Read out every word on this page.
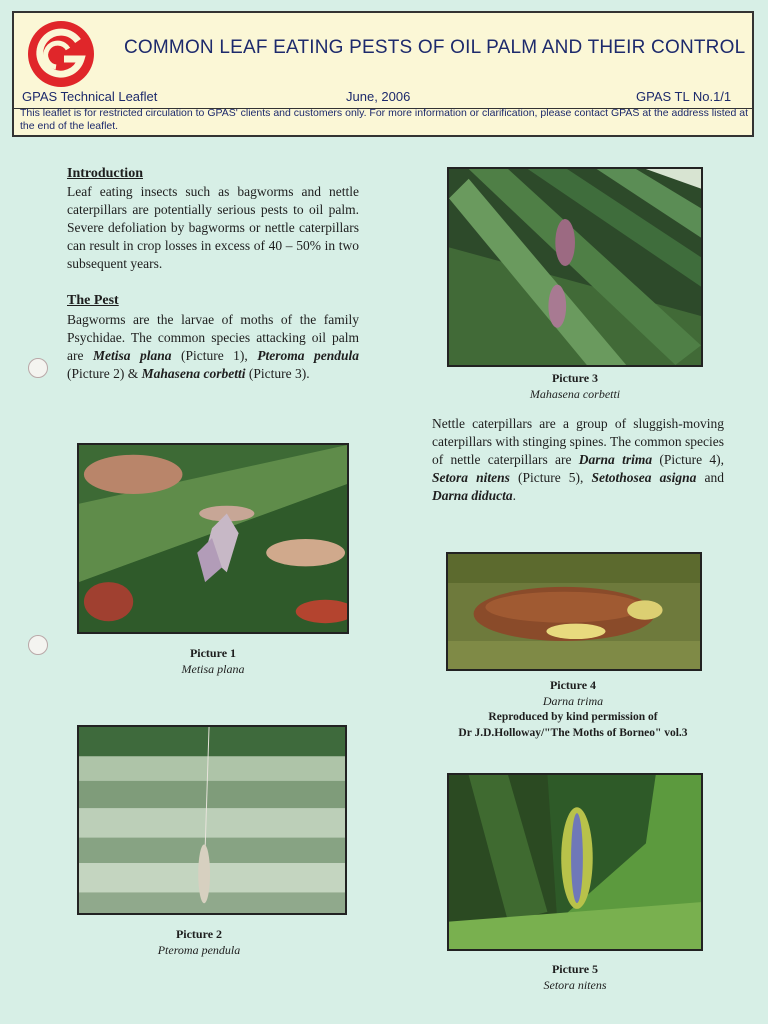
COMMON LEAF EATING PESTS OF OIL PALM AND THEIR CONTROL
GPAS Technical Leaflet	June, 2006	GPAS TL No.1/1
This leaflet is for restricted circulation to GPAS' clients and customers only. For more information or clarification, please contact GPAS at the address listed at the end of the leaflet.
Introduction
Leaf eating insects such as bagworms and nettle caterpillars are potentially serious pests to oil palm. Severe defoliation by bagworms or nettle caterpillars can result in crop losses in excess of 40 – 50% in two subsequent years.
The Pest
Bagworms are the larvae of moths of the family Psychidae. The common species attacking oil palm are Metisa plana (Picture 1), Pteroma pendula (Picture 2) & Mahasena corbetti (Picture 3).
Picture 1
Metisa plana
Picture 2
Pteroma pendula
Picture 3
Mahasena corbetti
Nettle caterpillars are a group of sluggish-moving caterpillars with stinging spines. The common species of nettle caterpillars are Darna trima (Picture 4), Setora nitens (Picture 5), Setothosea asigna and Darna diducta.
Picture 4
Darna trima
Reproduced by kind permission of
Dr J.D.Holloway/"The Moths of Borneo" vol.3
Picture 5
Setora nitens
